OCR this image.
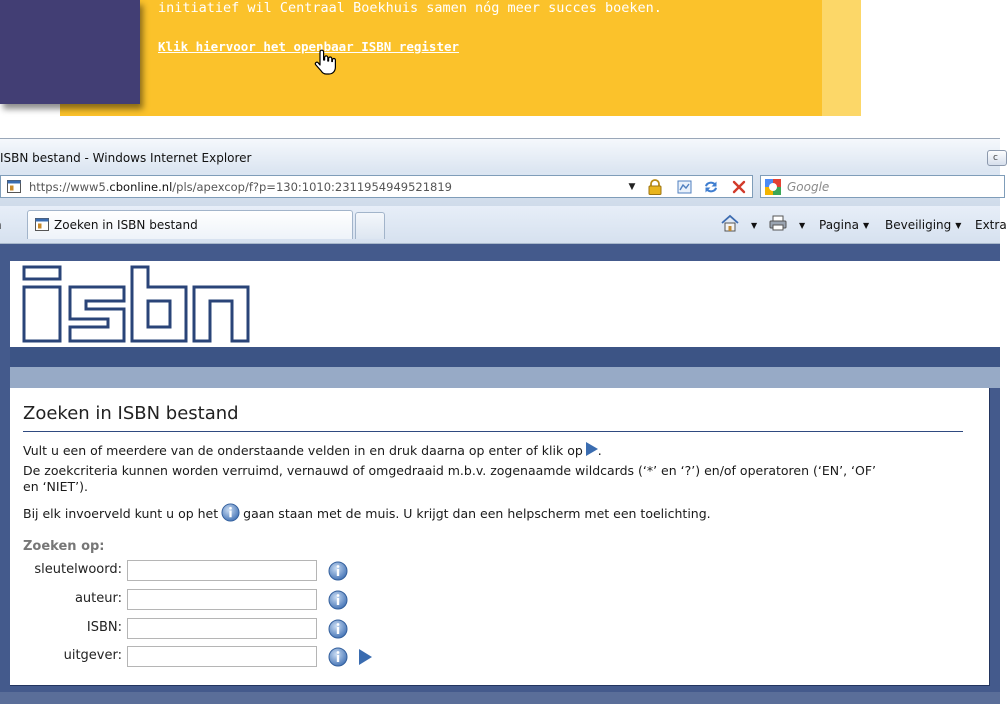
initiatief wil Centraal Boekhuis samen nóg meer succes boeken.
Klik hiervoor het openbaar ISBN register
ISBN bestand - Windows Internet Explorer	c
https://www5.cbonline.nl/pls/apexcop/f?p=130:1010:2311954949521819	▼	Google
Zoeken in ISBN bestand	▼	▼ Pagina ▼ Beveiliging ▼ Extra
Zoeken in ISBN bestand
Vult u een of meerdere van de onderstaande velden in en druk daarna op enter of klik op .
De zoekcriteria kunnen worden verruimd, vernauwd of omgedraaid m.b.v. zogenaamde wildcards (‘*’ en ‘?’) en/of operatoren (‘EN’, ‘OF’
en ‘NIET’).
Bij elk invoerveld kunt u op het gaan staan met de muis. U krijgt dan een helpscherm met een toelichting.
Zoeken op:
sleutelwoord:
auteur:
ISBN:
uitgever:
